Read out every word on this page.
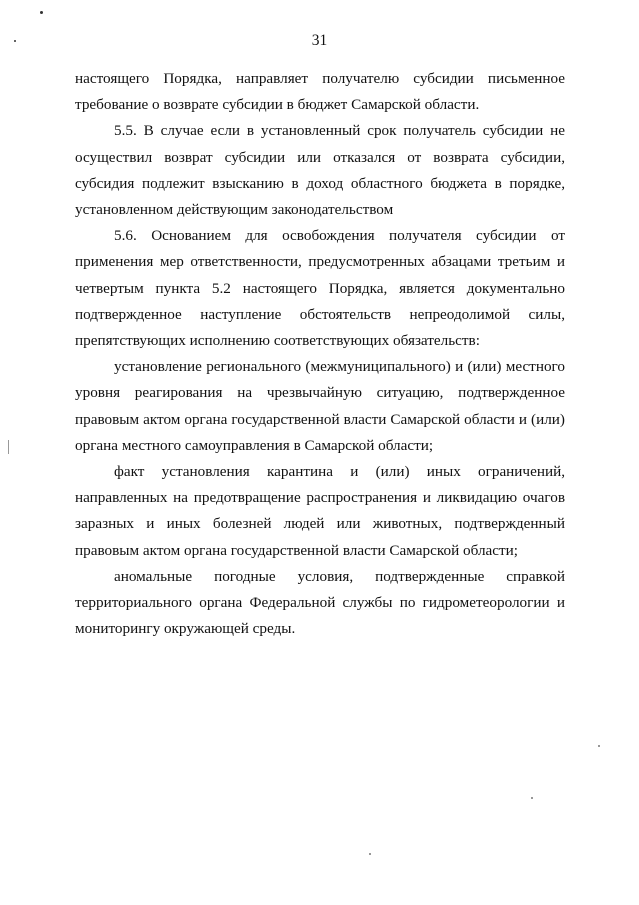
31

настоящего Порядка, направляет получателю субсидии письменное требование о возврате субсидии в бюджет Самарской области.

5.5. В случае если в установленный срок получатель субсидии не осуществил возврат субсидии или отказался от возврата субсидии, субсидия подлежит взысканию в доход областного бюджета в порядке, установленном действующим законодательством

5.6. Основанием для освобождения получателя субсидии от применения мер ответственности, предусмотренных абзацами третьим и четвертым пункта 5.2 настоящего Порядка, является документально подтвержденное наступление обстоятельств непреодолимой силы, препятствующих исполнению соответствующих обязательств:

установление регионального (межмуниципального) и (или) местного уровня реагирования на чрезвычайную ситуацию, подтвержденное правовым актом органа государственной власти Самарской области и (или) органа местного самоуправления в Самарской области;

факт установления карантина и (или) иных ограничений, направленных на предотвращение распространения и ликвидацию очагов заразных и иных болезней людей или животных, подтвержденный правовым актом органа государственной власти Самарской области;

аномальные погодные условия, подтвержденные справкой территориального органа Федеральной службы по гидрометеорологии и мониторингу окружающей среды.
